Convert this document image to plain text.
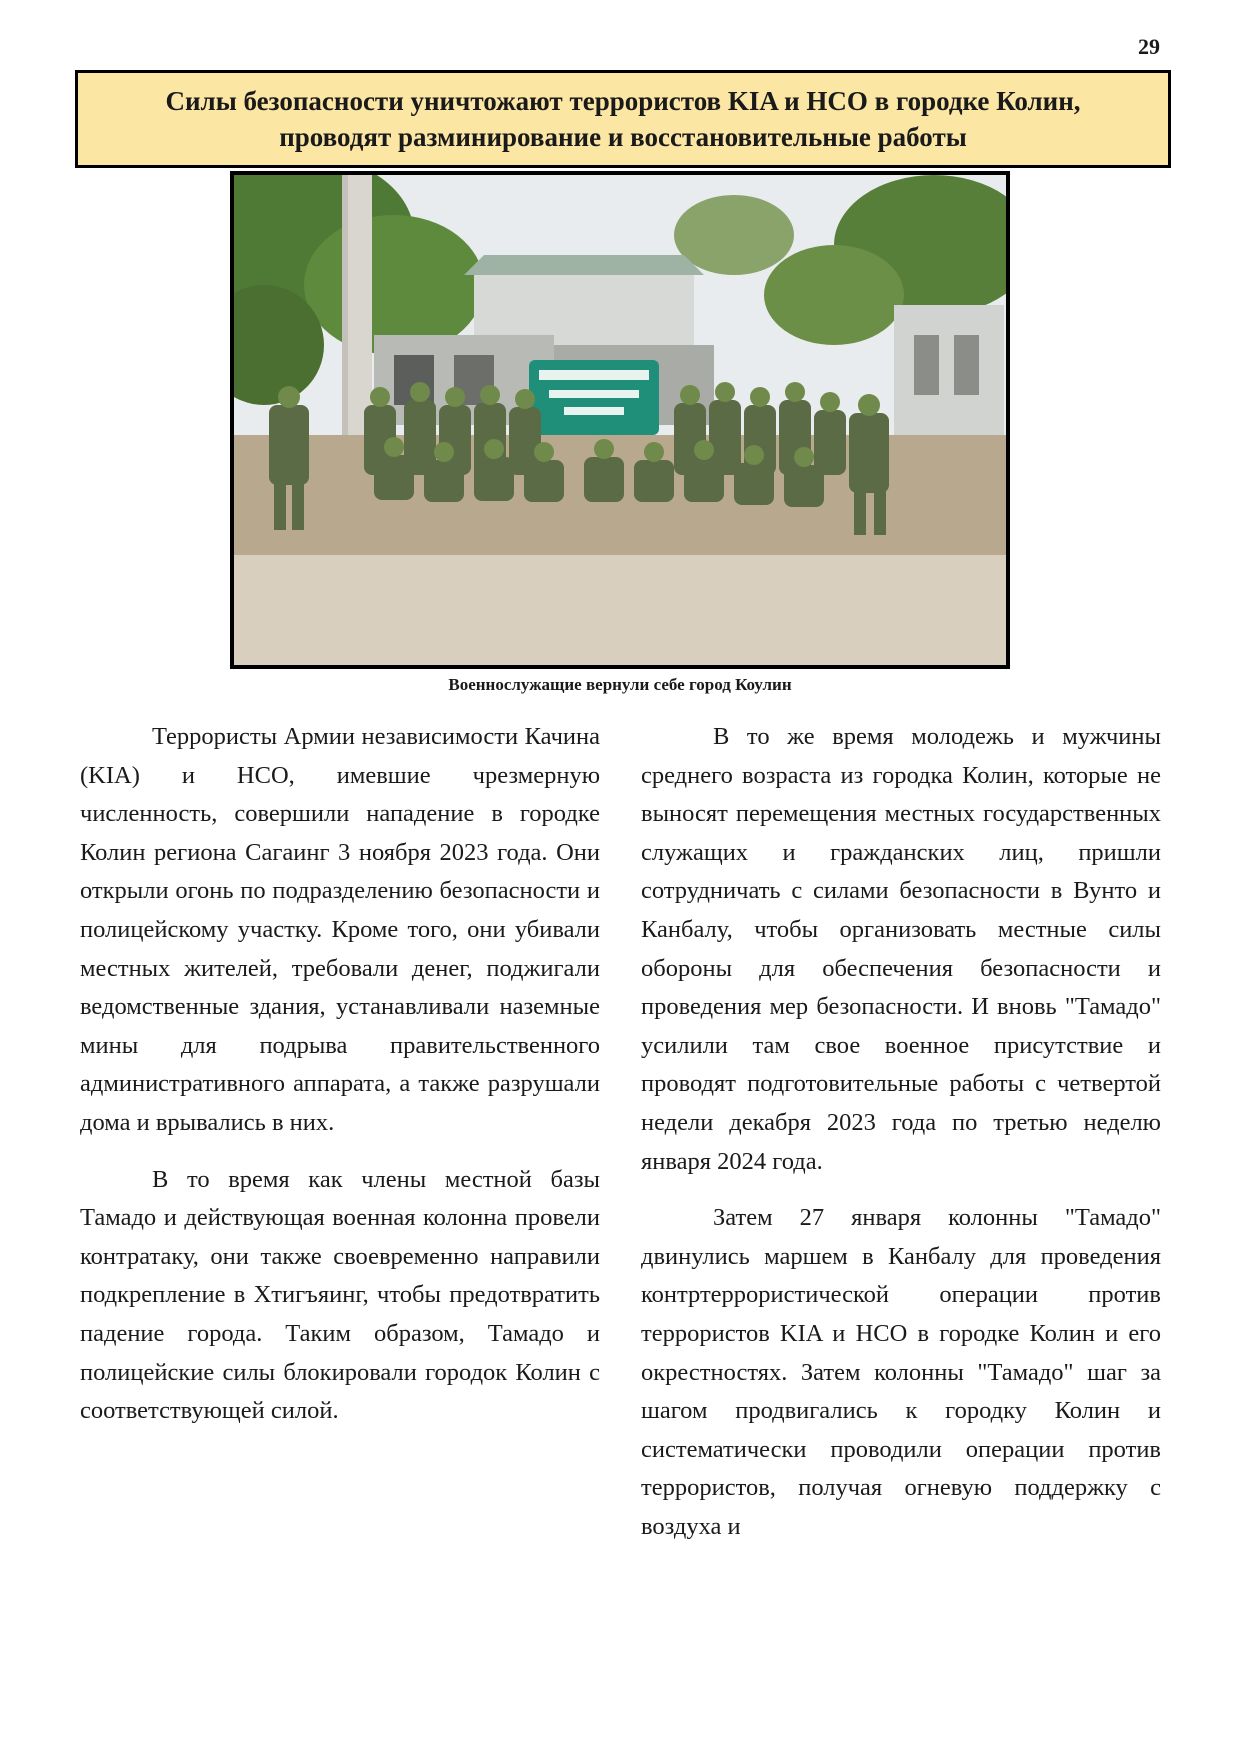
29
Силы безопасности уничтожают террористов KIA и НСО в городке Колин, проводят разминирование и восстановительные работы
Военнослужащие вернули себе город Коулин

Террористы Армии независимости Качина (KIA) и НСО, имевшие чрезмерную численность, совершили нападение в городке Колин региона Сагаинг 3 ноября 2023 года. Они открыли огонь по подразделению безопасности и полицейскому участку. Кроме того, они убивали местных жителей, требовали денег, поджигали ведомственные здания, устанавливали наземные мины для подрыва правительственного административного аппарата, а также разрушали дома и врывались в них.

В то время как члены местной базы Тамадо и действующая военная колонна провели контратаку, они также своевременно направили подкрепление в Хтигъяинг, чтобы предотвратить падение города. Таким образом, Тамадо и полицейские силы блокировали городок Колин с соответствующей силой.

В то же время молодежь и мужчины среднего возраста из городка Колин, которые не выносят перемещения местных государственных служащих и гражданских лиц, пришли сотрудничать с силами безопасности в Вунто и Канбалу, чтобы организовать местные силы обороны для обеспечения безопасности и проведения мер безопасности. И вновь "Тамадо" усилили там свое военное присутствие и проводят подготовительные работы с четвертой недели декабря 2023 года по третью неделю января 2024 года.

Затем 27 января колонны "Тамадо" двинулись маршем в Канбалу для проведения контртеррористической операции против террористов KIA и НСО в городке Колин и его окрестностях. Затем колонны "Тамадо" шаг за шагом продвигались к городку Колин и систематически проводили операции против террористов, получая огневую поддержку с воздуха и
